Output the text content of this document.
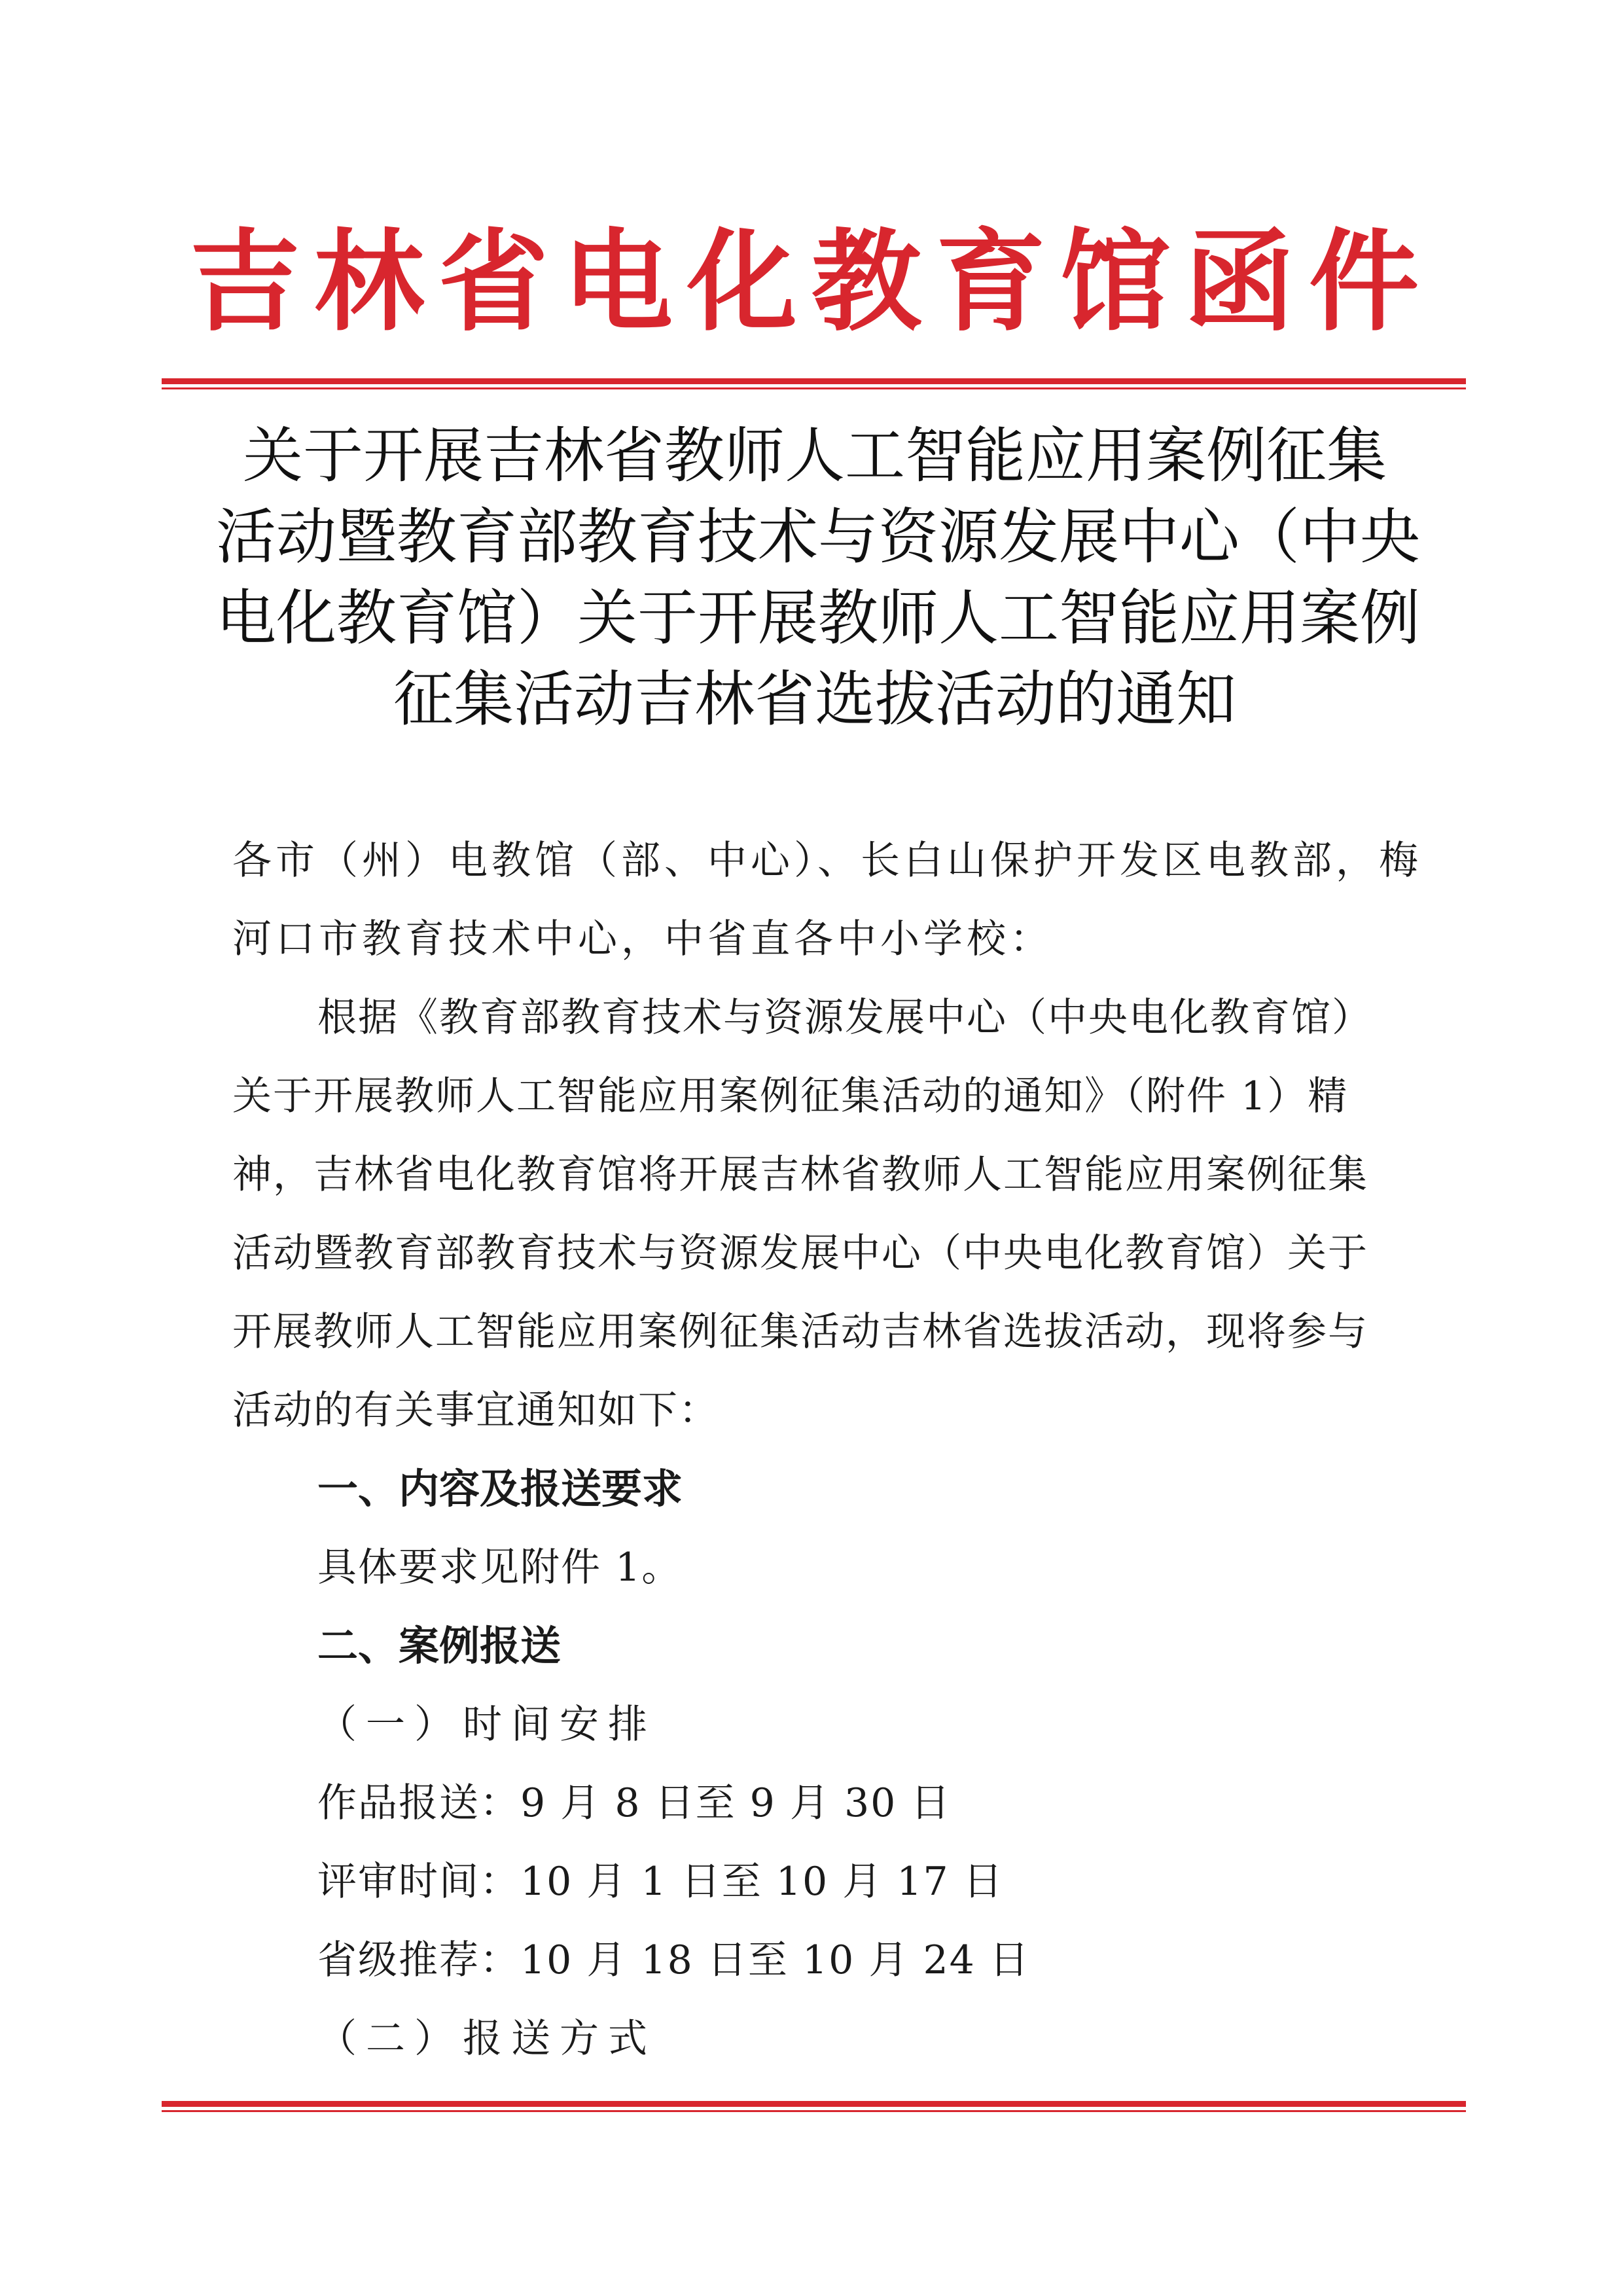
吉林省电化教育馆函件
关于开展吉林省教师人工智能应用案例征集
活动暨教育部教育技术与资源发展中心（中央
电化教育馆）关于开展教师人工智能应用案例
征集活动吉林省选拔活动的通知
各市（州）电教馆（部、中心）、长白山保护开发区电教部，梅
河口市教育技术中心，中省直各中小学校：
根据《教育部教育技术与资源发展中心（中央电化教育馆）
关于开展教师人工智能应用案例征集活动的通知》（附件 1）精
神，吉林省电化教育馆将开展吉林省教师人工智能应用案例征集
活动暨教育部教育技术与资源发展中心（中央电化教育馆）关于
开展教师人工智能应用案例征集活动吉林省选拔活动，现将参与
活动的有关事宜通知如下：
一、内容及报送要求
具体要求见附件 1。
二、案例报送
（一）时间安排
作品报送：9 月 8 日至 9 月 30 日
评审时间：10 月 1 日至 10 月 17 日
省级推荐：10 月 18 日至 10 月 24 日
（二）报送方式
